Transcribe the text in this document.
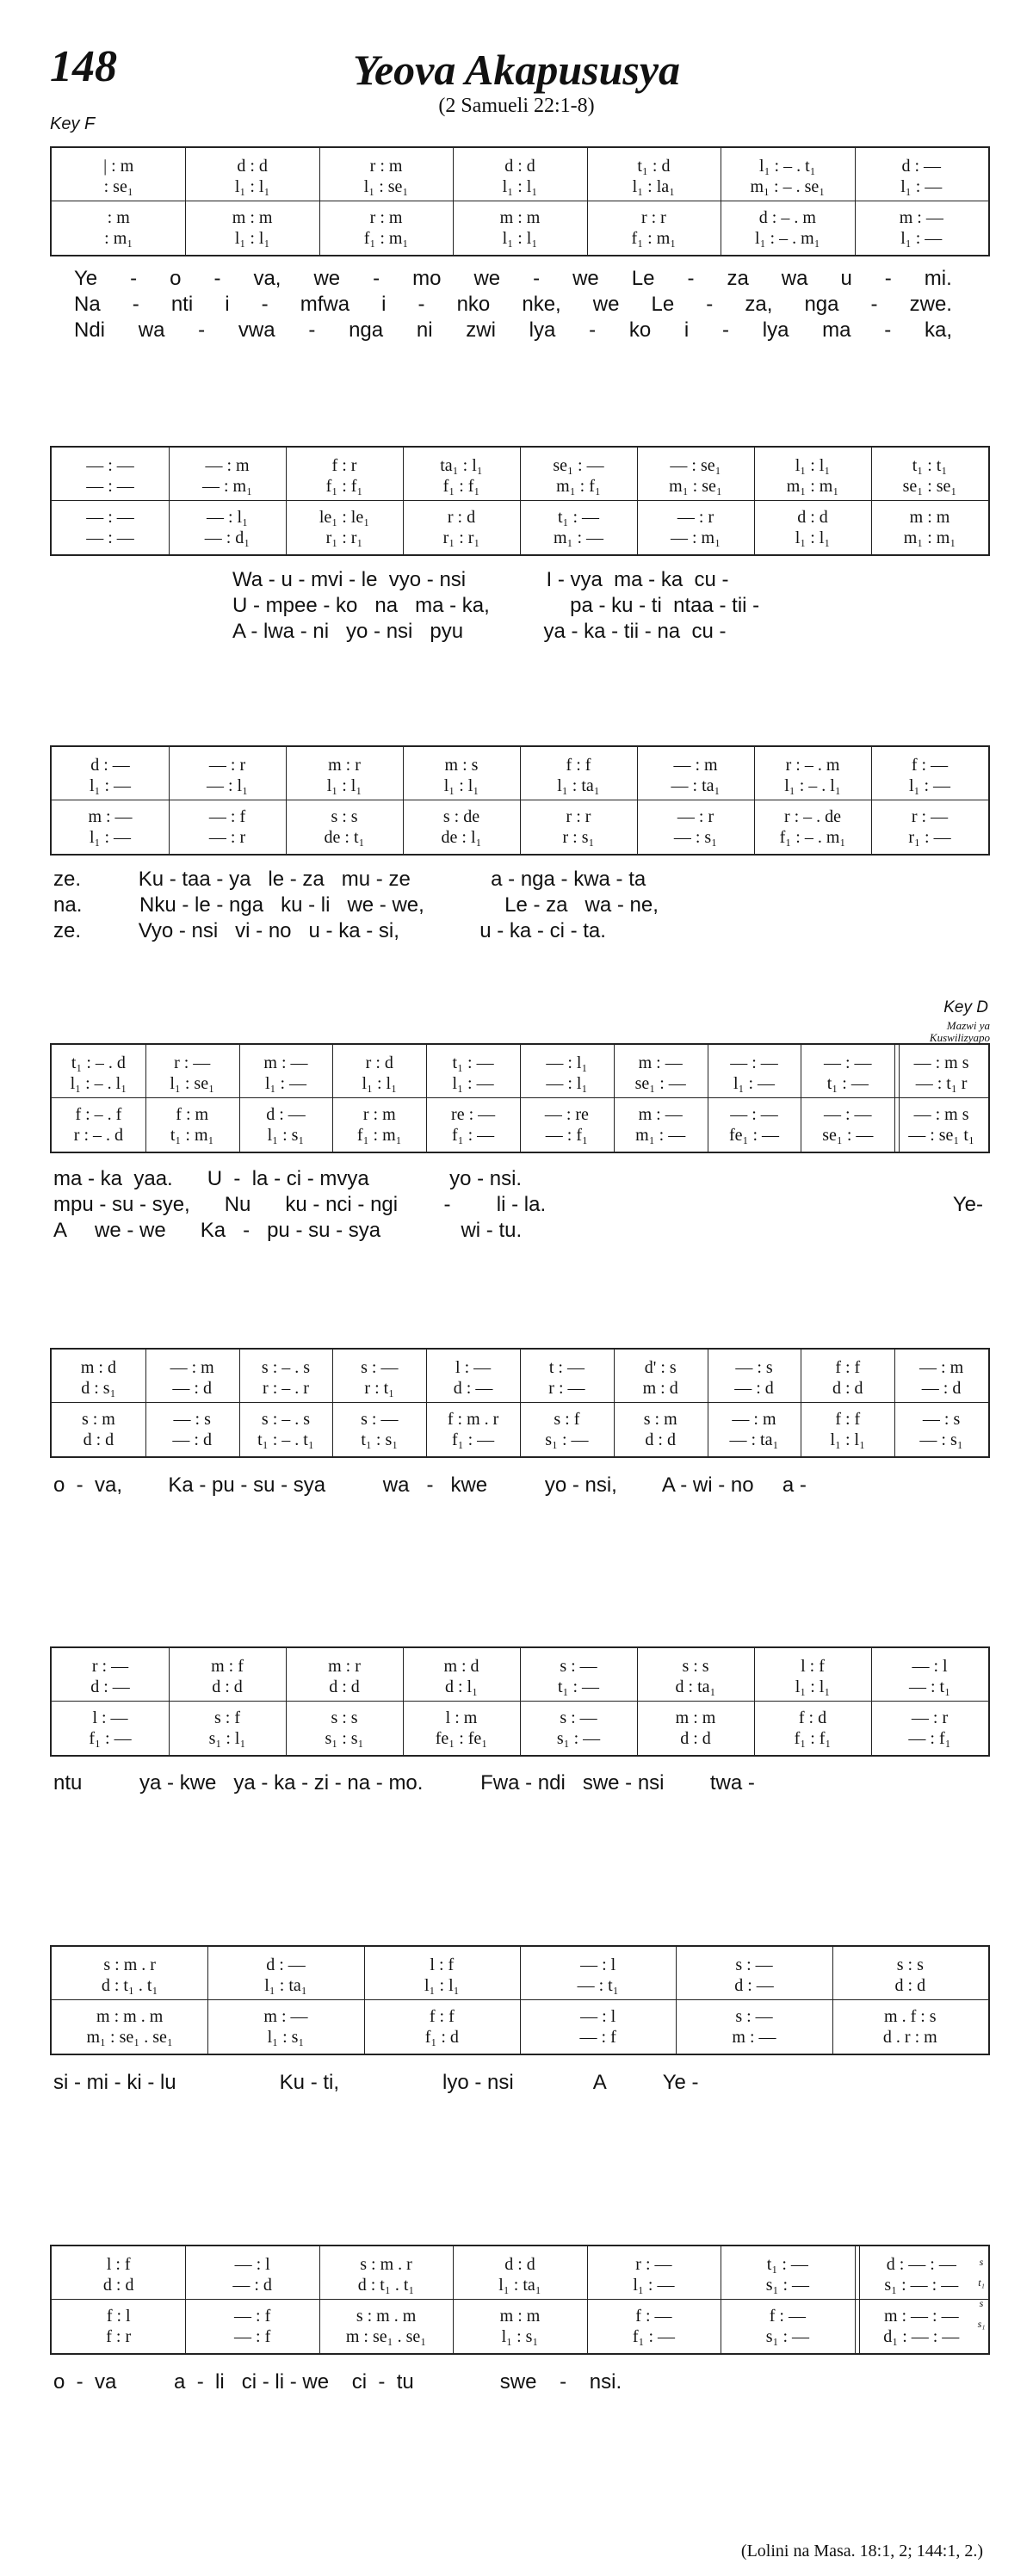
148	Yeova Akapususya
(2 Samueli 22:1-8)
Key F
Key D
Mazwi ya Kuswilizyapo
| : m	d : d	r : m	d : d	t₁ : d	l₁ : – . t₁	d : —
: se₁	l₁ : l₁	l₁ : se₁	l₁ : l₁	l₁ : la₁	m₁ : – . se₁	l₁ : —
: m	m : m	r : m	m : m	r : r	d : – . m	m : —
: m₁	l₁ : l₁	f₁ : m₁	l₁ : l₁	f₁ : m₁	l₁ : – . m₁	l₁ : —
Ye - o - va, we - mo we - we Le - za wa u - mi.
Na - nti i - mfwa i - nko nke, we Le - za, nga - zwe.
Ndi wa - vwa - nga ni zwi lya - ko i - lya ma - ka,
— : —	— : m	f : r	ta₁ : l₁	se₁ : —	— : se₁	l₁ : l₁	t₁ : t₁
— : —	— : m₁	f₁ : f₁	f₁ : f₁	m₁ : f₁	m₁ : se₁	m₁ : m₁	se₁ : se₁
— : —	— : l₁	le₁ : le₁	r : d	t₁ : —	— : r	d : d	m : m
— : —	— : d₁	r₁ : r₁	r₁ : r₁	m₁ : —	— : m₁	l₁ : l₁	m₁ : m₁
Wa - u - mvi - le  vyo - nsi              I - vya  ma - ka  cu -
U - mpee - ko   na   ma - ka,              pa - ku - ti  ntaa - tii -
A - lwa - ni   yo - nsi   pyu              ya - ka - tii - na  cu -
d : —	— : r	m : r	m : s	f : f	— : m	r : – . m	f : —
l₁ : —	— : l₁	l₁ : l₁	l₁ : l₁	l₁ : ta₁	— : ta₁	l₁ : – . l₁	l₁ : —
m : —	— : f	s : s	s : de	r : r	— : r	r : – . de	r : —
l₁ : —	— : r	de : t₁	de : l₁	r : s₁	— : s₁	f₁ : – . m₁	r₁ : —
ze.          Ku - taa - ya   le - za   mu - ze              a - nga - kwa - ta
na.          Nku - le - nga   ku - li   we - we,              Le - za   wa - ne,
ze.          Vyo - nsi   vi - no   u - ka - si,              u - ka - ci - ta.
t₁ : – . d	r : —	m : —	r : d	t₁ : —	— : l₁	m : —	— : —	— : —	— : m s
l₁ : – . l₁	l₁ : se₁	l₁ : —	l₁ : l₁	l₁ : —	— : l₁	se₁ : —	l₁ : —	t₁ : —	— : t₁ r
f : – . f	f : m	d : —	r : m	re : —	— : re	m : —	— : —	— : —	— : m s
r : – . d	t₁ : m₁	l₁ : s₁	f₁ : m₁	f₁ : —	— : f₁	m₁ : —	fe₁ : —	se₁ : —	— : se₁ t₁
ma - ka  yaa.      U  -  la - ci - mvya              yo - nsi.
mpu - su - sye,      Nu      ku - nci - ngi        -        li - la.
A     we - we      Ka   -   pu - su - sya              wi - tu.
Ye-
m : d	— : m	s : – . s	s : —	l : —	t : —	d' : s	— : s	f : f	— : m
d : s₁	— : d	r : – . r	r : t₁	d : —	r : —	m : d	— : d	d : d	— : d
s : m	— : s	s : – . s	s : —	f : m . r	s : f	s : m	— : m	f : f	— : s
d : d	— : d	t₁ : – . t₁	t₁ : s₁	f₁ : —	s₁ : —	d : d	— : ta₁	l₁ : l₁	— : s₁
o  -  va,        Ka - pu - su - sya          wa   -   kwe          yo - nsi,        A - wi - no     a -
r : —	m : f	m : r	m : d	s : —	s : s	l : f	— : l
d : —	d : d	d : d	d : l₁	t₁ : —	d : ta₁	l₁ : l₁	— : t₁
l : —	s : f	s : s	l : m	s : —	m : m	f : d	— : r
f₁ : —	s₁ : l₁	s₁ : s₁	fe₁ : fe₁	s₁ : —	d : d	f₁ : f₁	— : f₁
ntu          ya - kwe   ya - ka - zi - na - mo.          Fwa - ndi   swe - nsi        twa -
s : m . r	d : —	l : f	— : l	s : —	s : s
d : t₁ . t₁	l₁ : ta₁	l₁ : l₁	— : t₁	d : —	d : d
m : m . m	m : —	f : f	— : l	s : —	m . f : s
m₁ : se₁ . se₁	l₁ : s₁	f₁ : d	— : f	m : —	d . r : m
si - mi - ki - lu                  Ku - ti,                  lyo - nsi              A          Ye -
l : f	— : l	s : m . r	d : d	r : —	t₁ : —	d : — : —
d : d	— : d	d : t₁ . t₁	l₁ : ta₁	l₁ : —	s₁ : —	s₁ : — : —
f : l	— : f	s : m . m	m : m	f : —	f : —	m : — : —
f : r	— : f	m : se₁ . se₁	l₁ : s₁	f₁ : —	s₁ : —	d₁ : — : —
s
t₁
s
s₁
o  -  va          a  -  li   ci - li - we    ci  -  tu               swe    -    nsi.
(Lolini na Masa. 18:1, 2; 144:1, 2.)
